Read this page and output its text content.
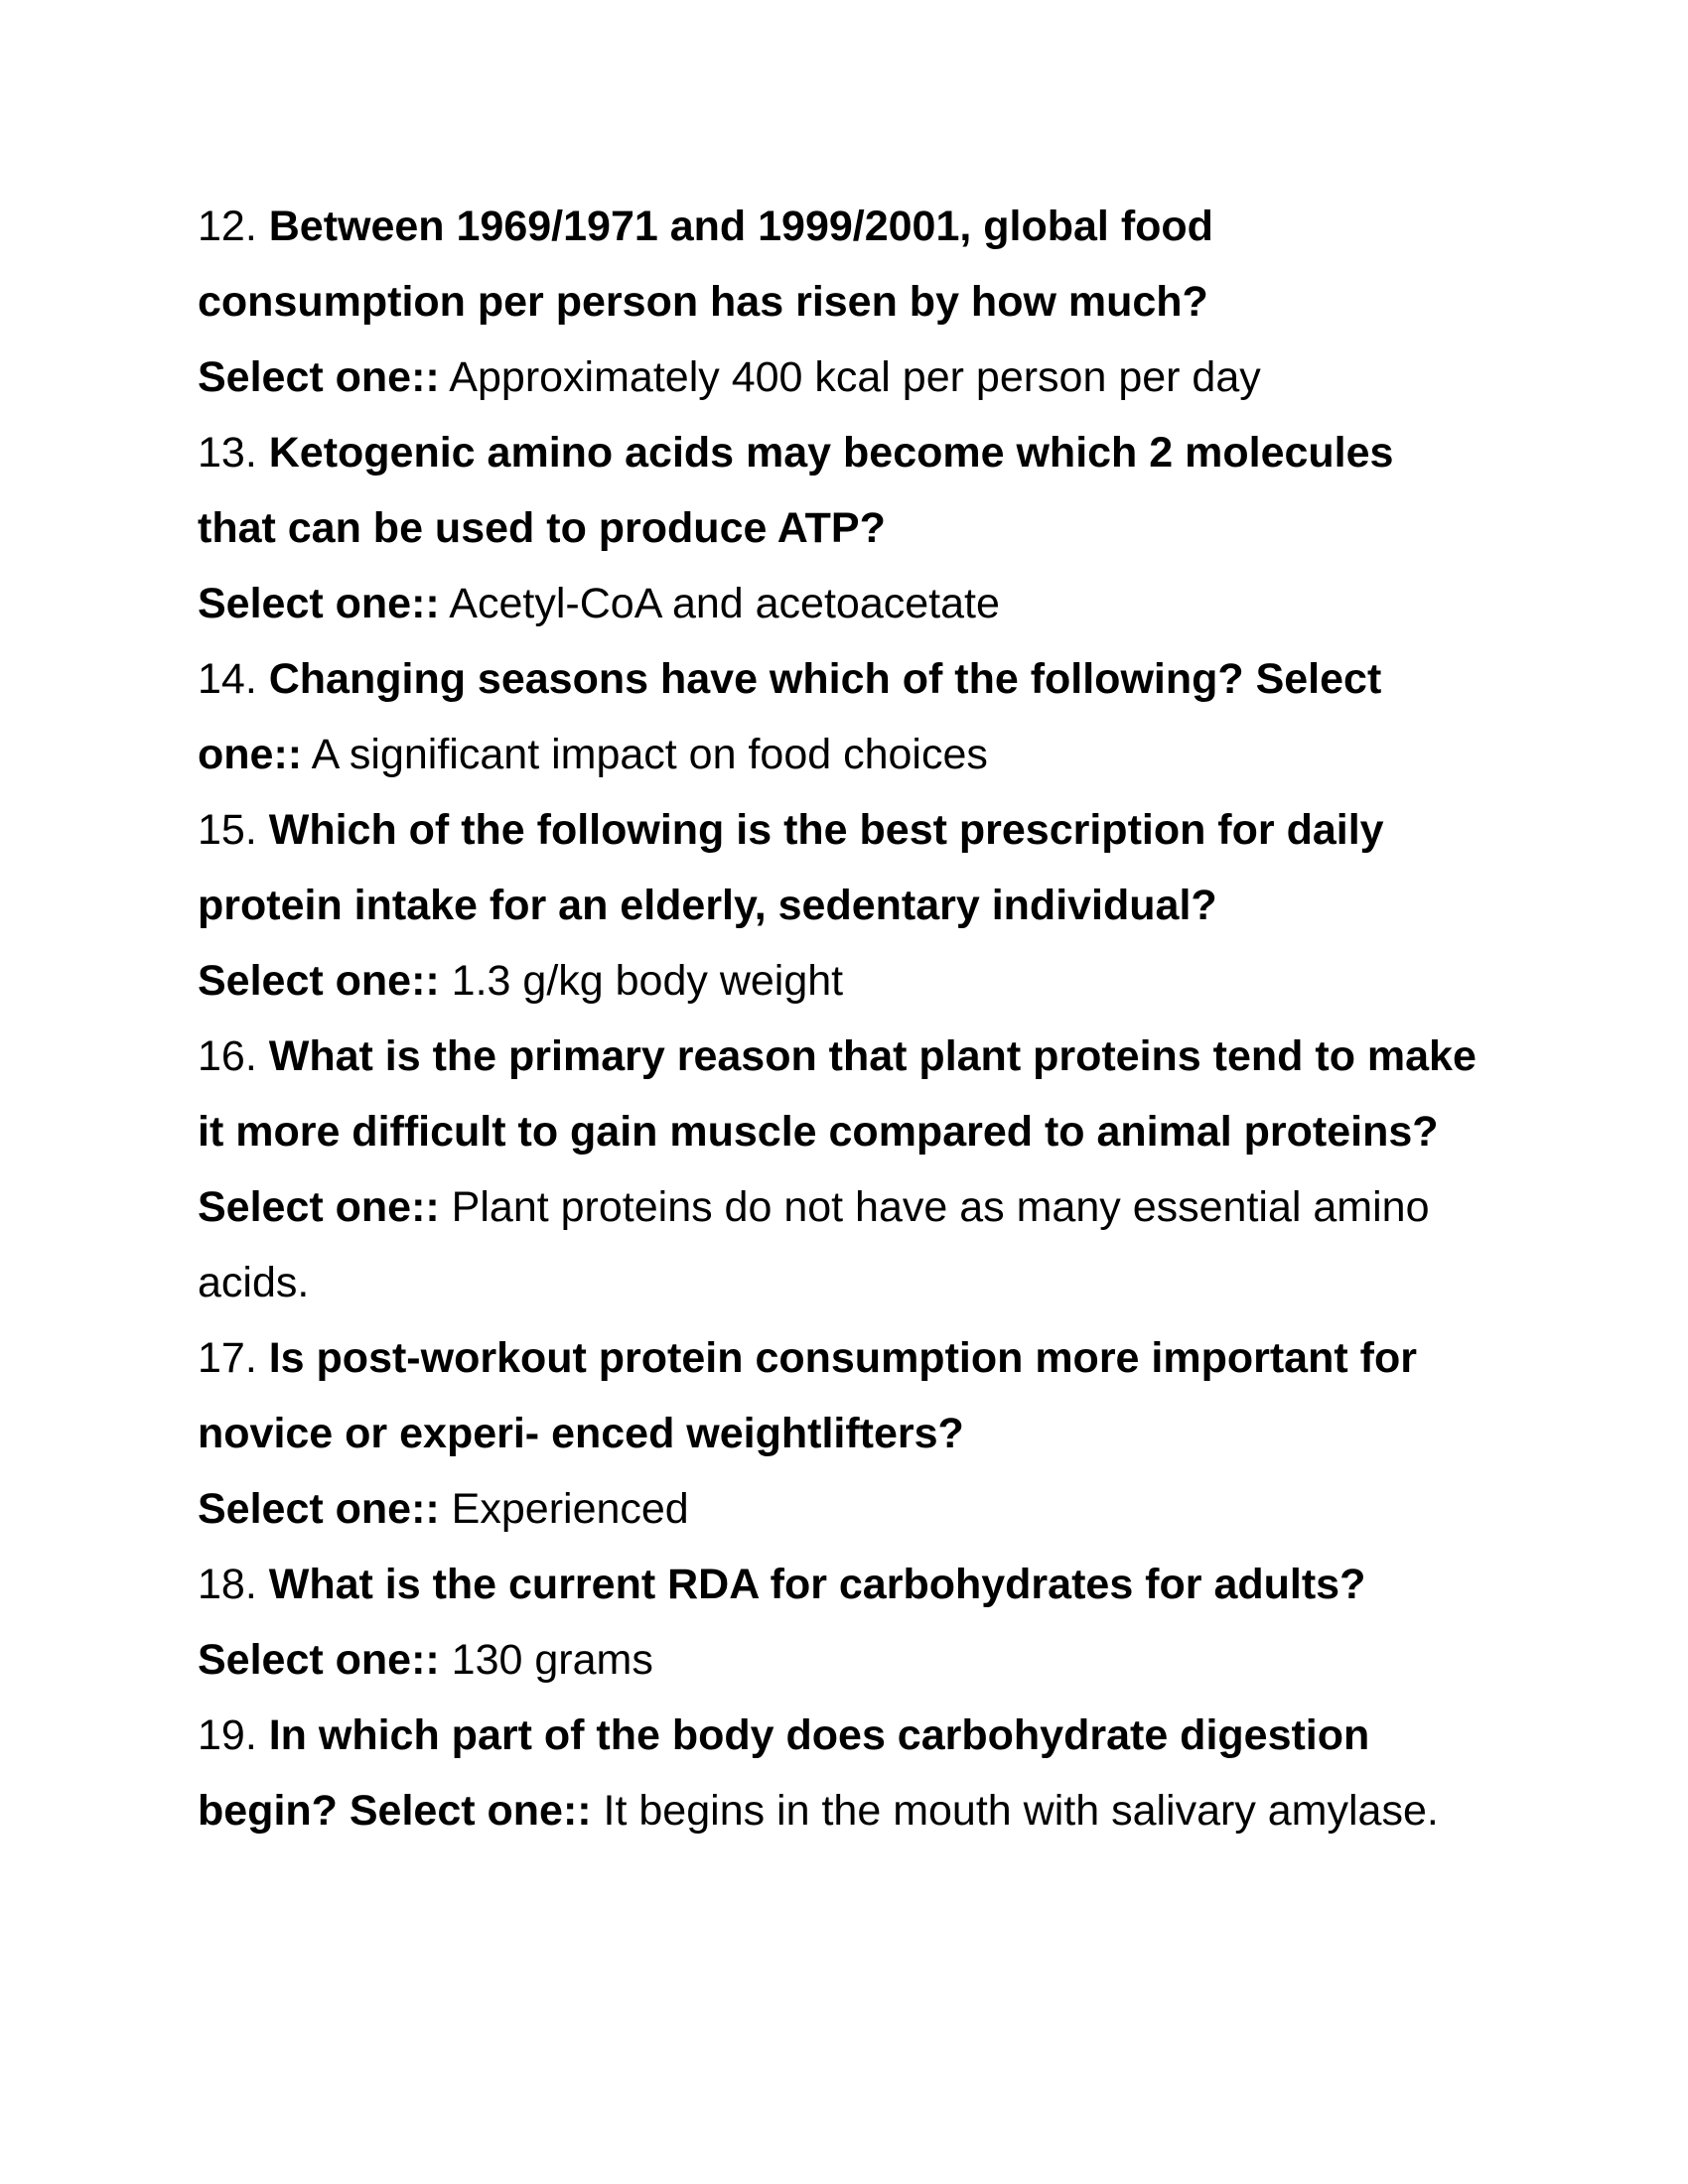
12. Between 1969/1971 and 1999/2001, global food
consumption per person has risen by how much?
Select one:: Approximately 400 kcal per person per day
13. Ketogenic amino acids may become which 2 molecules
that can be used to produce ATP?
Select one:: Acetyl-CoA and acetoacetate
14. Changing seasons have which of the following? Select
one:: A significant impact on food choices
15. Which of the following is the best prescription for daily
protein intake for an elderly, sedentary individual?
Select one:: 1.3 g/kg body weight
16. What is the primary reason that plant proteins tend to make
it more difficult to gain muscle compared to animal proteins?
Select one:: Plant proteins do not have as many essential amino
acids.
17. Is post-workout protein consumption more important for
novice or experi- enced weightlifters?
Select one:: Experienced
18. What is the current RDA for carbohydrates for adults?
Select one:: 130 grams
19. In which part of the body does carbohydrate digestion
begin? Select one:: It begins in the mouth with salivary amylase.
